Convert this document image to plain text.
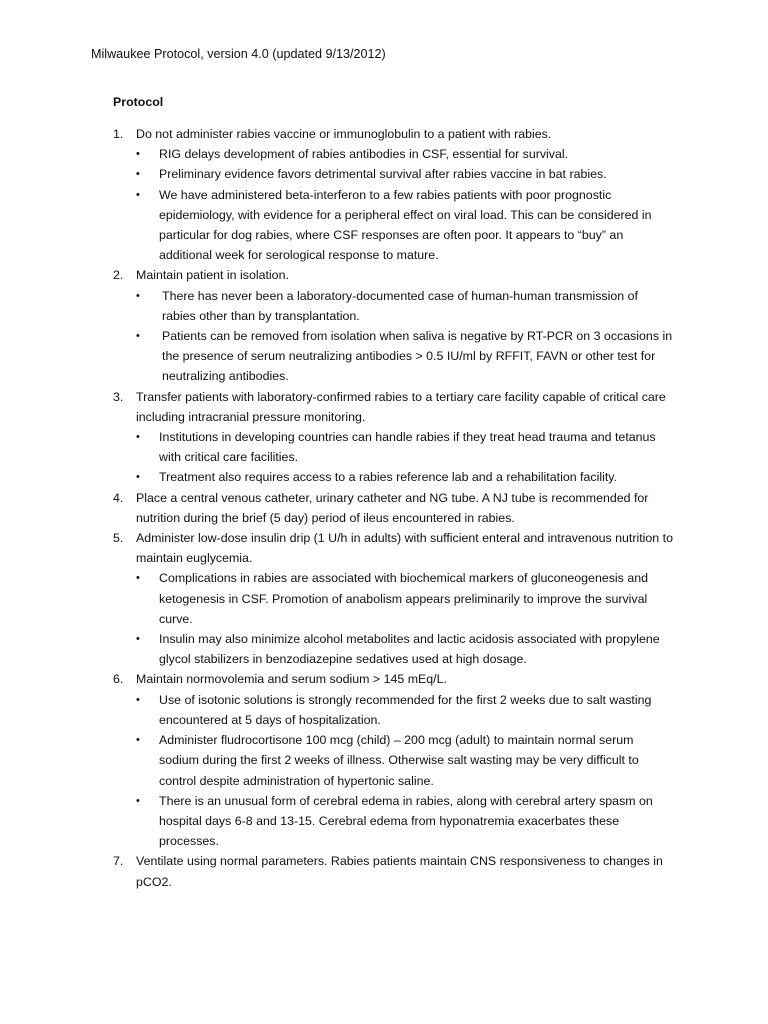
Milwaukee Protocol, version 4.0 (updated 9/13/2012)
Protocol
1. Do not administer rabies vaccine or immunoglobulin to a patient with rabies.
• RIG delays development of rabies antibodies in CSF, essential for survival.
• Preliminary evidence favors detrimental survival after rabies vaccine in bat rabies.
• We have administered beta-interferon to a few rabies patients with poor prognostic epidemiology, with evidence for a peripheral effect on viral load. This can be considered in particular for dog rabies, where CSF responses are often poor. It appears to “buy” an additional week for serological response to mature.
2. Maintain patient in isolation.
• There has never been a laboratory-documented case of human-human transmission of rabies other than by transplantation.
• Patients can be removed from isolation when saliva is negative by RT-PCR on 3 occasions in the presence of serum neutralizing antibodies > 0.5 IU/ml by RFFIT, FAVN or other test for neutralizing antibodies.
3. Transfer patients with laboratory-confirmed rabies to a tertiary care facility capable of critical care including intracranial pressure monitoring.
• Institutions in developing countries can handle rabies if they treat head trauma and tetanus with critical care facilities.
• Treatment also requires access to a rabies reference lab and a rehabilitation facility.
4. Place a central venous catheter, urinary catheter and NG tube. A NJ tube is recommended for nutrition during the brief (5 day) period of ileus encountered in rabies.
5. Administer low-dose insulin drip (1 U/h in adults) with sufficient enteral and intravenous nutrition to maintain euglycemia.
• Complications in rabies are associated with biochemical markers of gluconeogenesis and ketogenesis in CSF. Promotion of anabolism appears preliminarily to improve the survival curve.
• Insulin may also minimize alcohol metabolites and lactic acidosis associated with propylene glycol stabilizers in benzodiazepine sedatives used at high dosage.
6. Maintain normovolemia and serum sodium > 145 mEq/L.
• Use of isotonic solutions is strongly recommended for the first 2 weeks due to salt wasting encountered at 5 days of hospitalization.
• Administer fludrocortisone 100 mcg (child) – 200 mcg (adult) to maintain normal serum sodium during the first 2 weeks of illness. Otherwise salt wasting may be very difficult to control despite administration of hypertonic saline.
• There is an unusual form of cerebral edema in rabies, along with cerebral artery spasm on hospital days 6-8 and 13-15. Cerebral edema from hyponatremia exacerbates these processes.
7. Ventilate using normal parameters. Rabies patients maintain CNS responsiveness to changes in pCO2.
